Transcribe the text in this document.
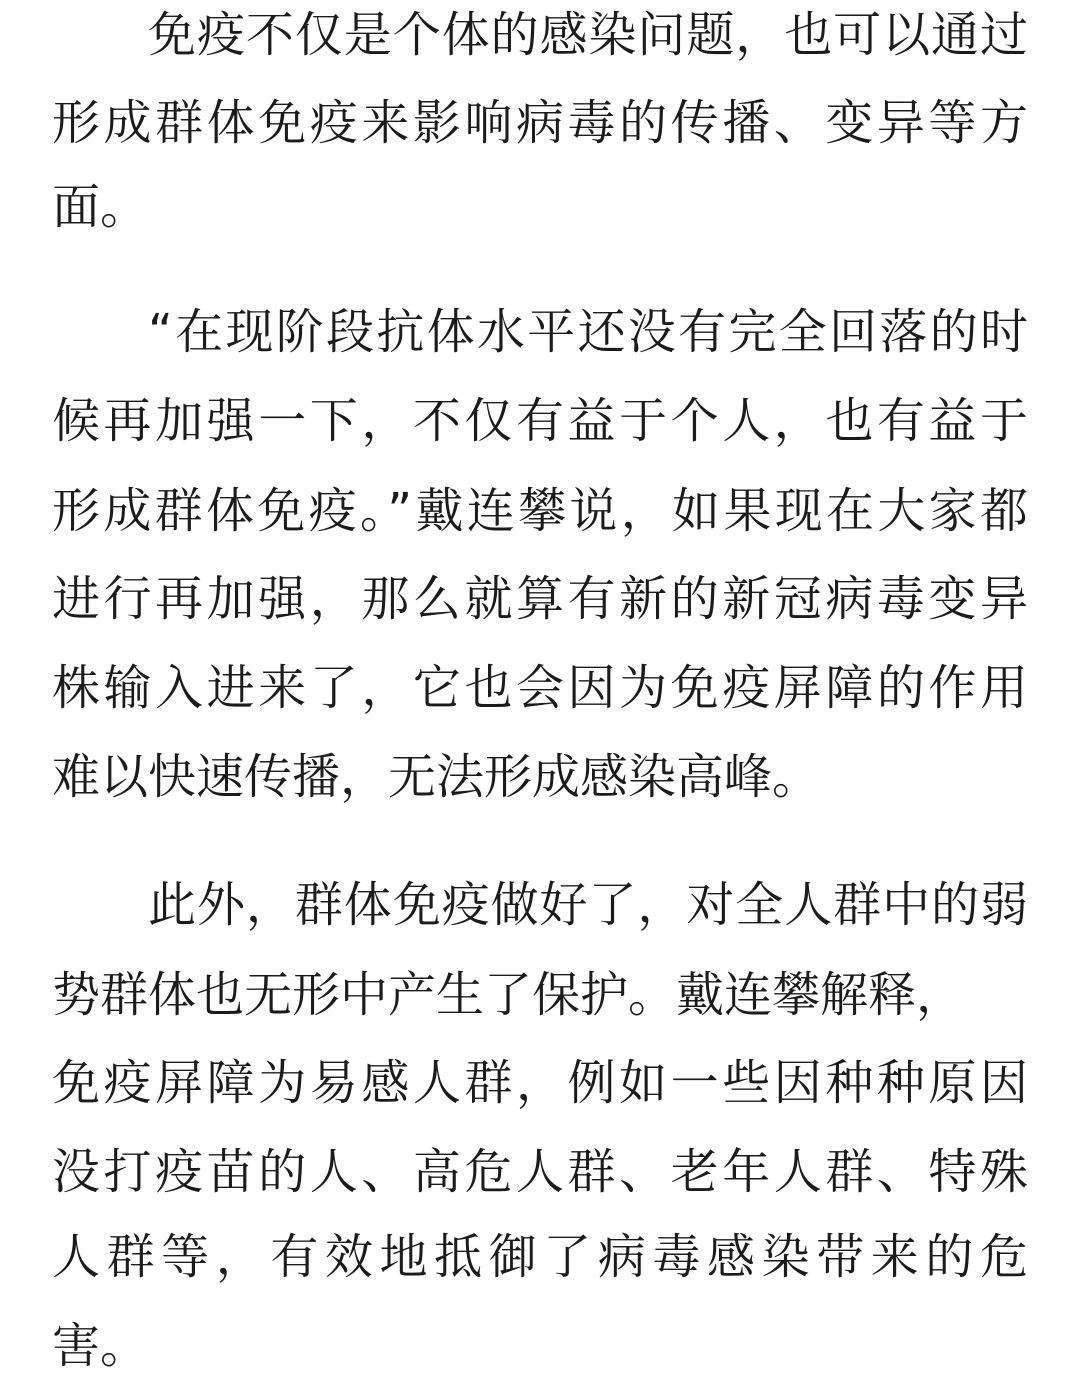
免疫不仅是个体的感染问题，也可以通过
形成群体免疫来影响病毒的传播、变异等方
面。
“在现阶段抗体水平还没有完全回落的时
候再加强一下，不仅有益于个人，也有益于
形成群体免疫。”戴连攀说，如果现在大家都
进行再加强，那么就算有新的新冠病毒变异
株输入进来了，它也会因为免疫屏障的作用
难以快速传播，无法形成感染高峰。
此外，群体免疫做好了，对全人群中的弱
势群体也无形中产生了保护。戴连攀解释，
免疫屏障为易感人群，例如一些因种种原因
没打疫苗的人、高危人群、老年人群、特殊
人群等，有效地抵御了病毒感染带来的危
害。
